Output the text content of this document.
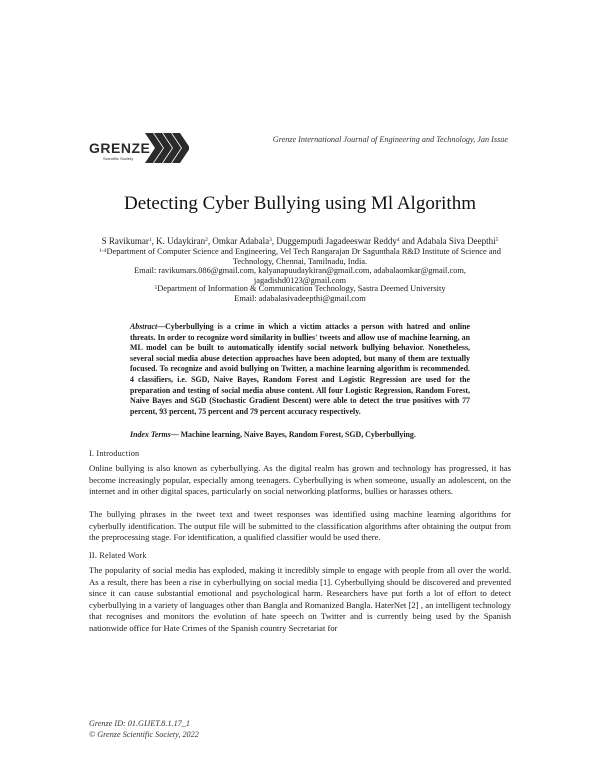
GRENZE
Scientific Society
Grenze International Journal of Engineering and Technology, Jan Issue
Detecting Cyber Bullying using Ml Algorithm
S Ravikumar$^1$, K. Udaykiran$^2$, Omkar Adabala$^3$, Duggempudi Jagadeeswar Reddy$^4$ and Adabala Siva Deepthi$^5$
$^{1-4}$Department of Computer Science and Engineering, Vel Tech Rangarajan Dr Sagunthala R&D Institute of Science and
Technology, Chennai, Tamilnadu, India.
Email: ravikumars.086@gmail.com, kalyanapuudaykiran@gmail.com, adabalaomkar@gmail.com,
jagadishd0123@gmail.com
$^5$Department of Information & Communication Technology, Sastra Deemed University
Email: adabalasivadeepthi@gmail.com
Abstract—Cyberbullying is a crime in which a victim attacks a person with hatred and online threats. In order to recognize word similarity in bullies' tweets and allow use of machine learning, an ML model can be built to automatically identify social network bullying behavior. Nonetheless, several social media abuse detection approaches have been adopted, but many of them are textually focused. To recognize and avoid bullying on Twitter, a machine learning algorithm is recommended. 4 classifiers, i.e. SGD, Naive Bayes, Random Forest and Logistic Regression are used for the preparation and testing of social media abuse content. All four Logistic Regression, Random Forest, Naive Bayes and SGD (Stochastic Gradient Descent) were able to detect the true positives with 77 percent, 93 percent, 75 percent and 79 percent accuracy respectively.
Index Terms— Machine learning, Naive Bayes, Random Forest, SGD, Cyberbullying.
I. Introduction
Online bullying is also known as cyberbullying. As the digital realm has grown and technology has progressed, it has become increasingly popular, especially among teenagers. Cyberbullying is when someone, usually an adolescent, on the internet and in other digital spaces, particularly on social networking platforms, bullies or harasses others.
The bullying phrases in the tweet text and tweet responses was identified using machine learning algorithms for cyberbully identification. The output file will be submitted to the classification algorithms after obtaining the output from the preprocessing stage. For identification, a qualified classifier would be used there.
II. Related Work
The popularity of social media has exploded, making it incredibly simple to engage with people from all over the world. As a result, there has been a rise in cyberbullying on social media [1]. Cyberbullying should be discovered and prevented since it can cause substantial emotional and psychological harm. Researchers have put forth a lot of effort to detect cyberbullying in a variety of languages other than Bangla and Romanized Bangla. HaterNet [2] , an intelligent technology that recognises and monitors the evolution of hate speech on Twitter and is currently being used by the Spanish nationwide office for Hate Crimes of the Spanish country Secretariat for
Grenze ID: 01.GIJET.8.1.17_1
© Grenze Scientific Society, 2022
